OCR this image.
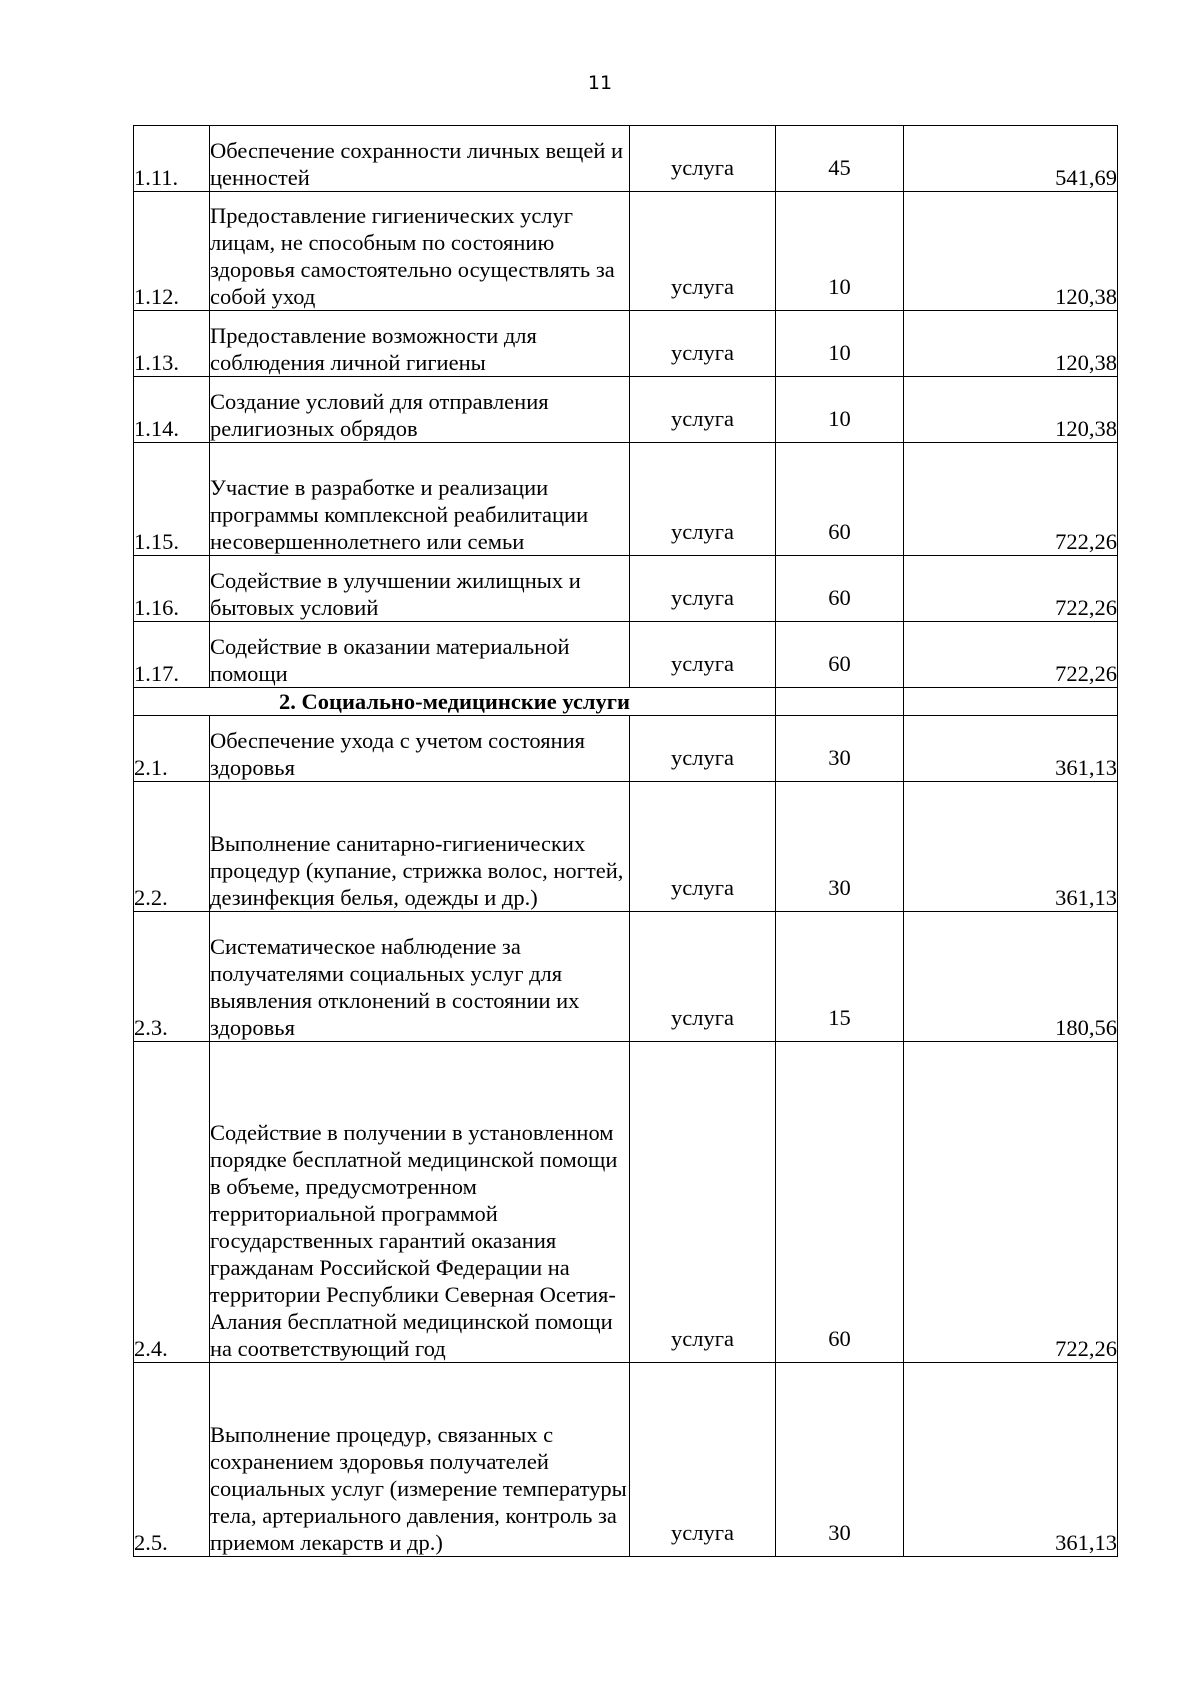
11
1.11.	Обеспечение сохранности личных вещей и ценностей	услуга	45	541,69
1.12.	Предоставление гигиенических услуг лицам, не способным по состоянию здоровья самостоятельно осуществлять за собой уход	услуга	10	120,38
1.13.	Предоставление возможности для соблюдения личной гигиены	услуга	10	120,38
1.14.	Создание условий для отправления религиозных обрядов	услуга	10	120,38
1.15.	Участие в разработке и реализации программы комплексной реабилитации несовершеннолетнего или семьи	услуга	60	722,26
1.16.	Содействие в улучшении жилищных и бытовых условий	услуга	60	722,26
1.17.	Содействие в оказании материальной помощи	услуга	60	722,26
2. Социально-медицинские услуги				
2.1.	Обеспечение ухода с учетом состояния здоровья	услуга	30	361,13
2.2.	Выполнение санитарно-гигиенических процедур (купание, стрижка волос, ногтей, дезинфекция белья, одежды и др.)	услуга	30	361,13
2.3.	Систематическое наблюдение за получателями социальных услуг для выявления отклонений в состоянии их здоровья	услуга	15	180,56
2.4.	Содействие в получении в установленном порядке бесплатной медицинской помощи в объеме, предусмотренном территориальной программой государственных гарантий оказания гражданам Российской Федерации на территории Республики Северная Осетия-Алания бесплатной медицинской помощи на соответствующий год	услуга	60	722,26
2.5.	Выполнение процедур, связанных с сохранением здоровья получателей социальных услуг (измерение температуры тела, артериального давления, контроль за приемом лекарств и др.)	услуга	30	361,13
